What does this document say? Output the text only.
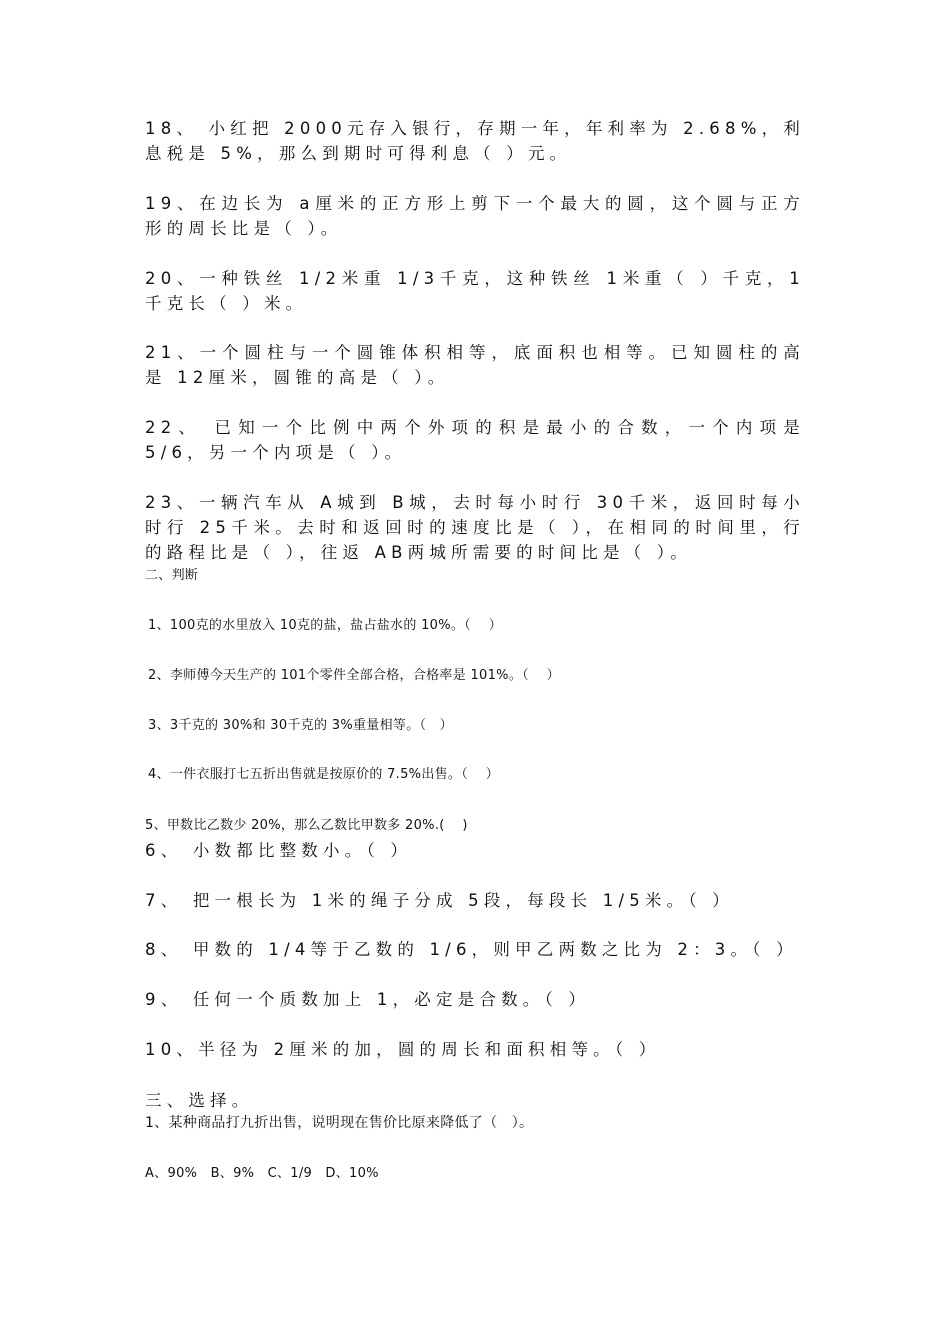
18、 小红把 2000元存入银行，存期一年，年利率为 2.68%，利息税是 5%，那么到期时可得利息（ ）元。

19、在边长为 a厘米的正方形上剪下一个最大的圆，这个圆与正方形的周长比是（ ）。

20、一种铁丝 1/2米重 1/3千克，这种铁丝 1米重（ ）千克，1千克长（ ）米。

21、一个圆柱与一个圆锥体积相等，底面积也相等。已知圆柱的高是 12厘米，圆锥的高是（ ）。

22、 已知一个比例中两个外项的积是最小的合数，一个内项是 5/6，另一个内项是（ ）。

23、一辆汽车从 A城到 B城，去时每小时行 30千米，返回时每小时行 25千米。去时和返回时的速度比是（ ），在相同的时间里，行的路程比是（ ），往返 AB两城所需要的时间比是（ ）。

二、判断

1、100克的水里放入 10克的盐，盐占盐水的 10%。（　 ）

2、李师傅今天生产的 101个零件全部合格，合格率是 101%。（　 ）

3、3千克的 30%和 30千克的 3%重量相等。（　）

4、一件衣服打七五折出售就是按原价的 7.5%出售。（　 ）

5、甲数比乙数少 20%，那么乙数比甲数多 20%.(　 )

6、 小数都比整数小。（ ）

7、 把一根长为 1米的绳子分成 5段，每段长 1/5米。（ ）

8、 甲数的 1/4等于乙数的 1/6，则甲乙两数之比为 2：3。（ ）

9、 任何一个质数加上 1，必定是合数。（ ）

10、半径为 2厘米的加，圆的周长和面积相等。（ ）

三、选择。

1、某种商品打九折出售，说明现在售价比原来降低了（　）。

A、90%　B、9%　C、1/9　D、10%
